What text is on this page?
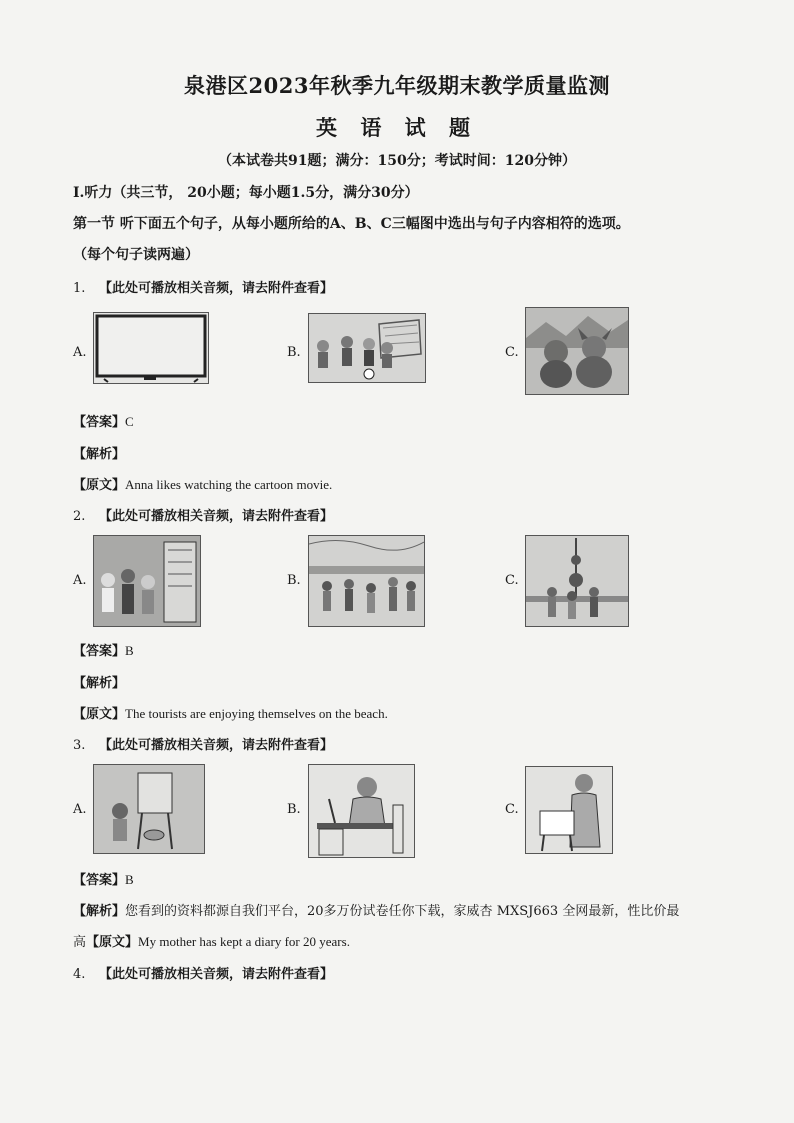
泉港区2023年秋季九年级期末教学质量监测
英 语 试 题
（本试卷共91题；满分：150分；考试时间：120分钟）
Ⅰ.听力（共三节， 20小题；每小题1.5分，满分30分）
第一节 听下面五个句子，从每小题所给的A、B、C三幅图中选出与句子内容相符的选项。
（每个句子读两遍）
1. 【此处可播放相关音频，请去附件查看】
A.	B.	C.
【答案】C
【解析】
【原文】Anna likes watching the cartoon movie.
2. 【此处可播放相关音频，请去附件查看】
A.	B.	C.
【答案】B
【解析】
【原文】The tourists are enjoying themselves on the beach.
3. 【此处可播放相关音频，请去附件查看】
A.	B.	C.
【答案】B
【解析】您看到的资料都源自我们平台，20多万份试卷任你下载，家威杏 MXSJ663 全网最新，性比价最
高【原文】My mother has kept a diary for 20 years.
4. 【此处可播放相关音频，请去附件查看】
